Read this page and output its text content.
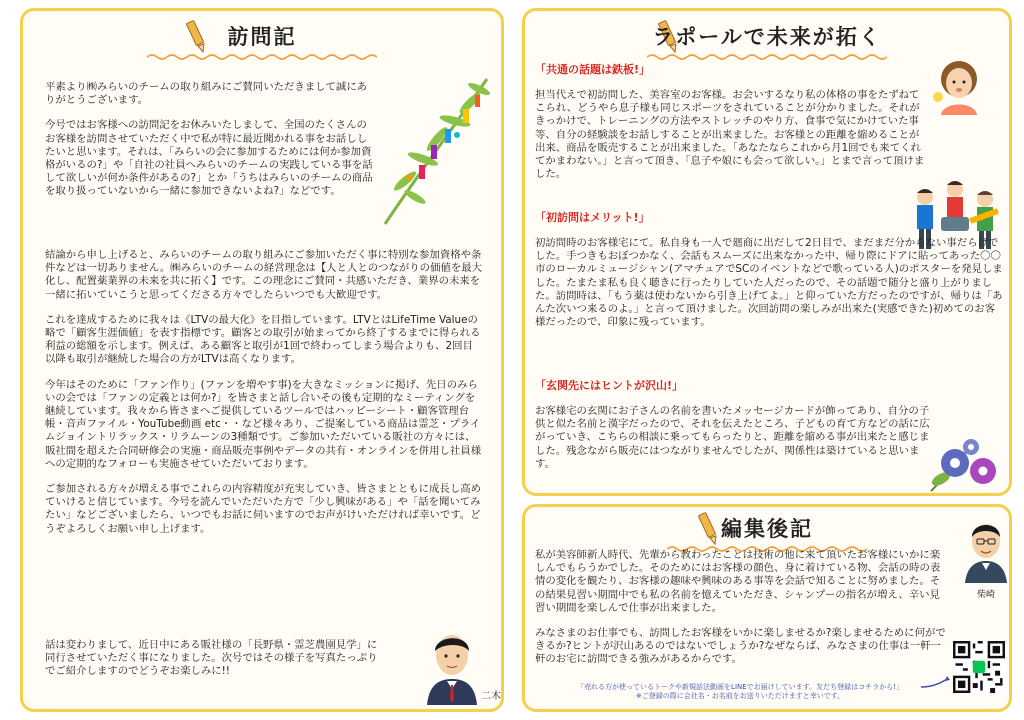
訪問記

平素より㈱みらいのチームの取り組みにご賛同いただきまして誠にありがとうございます。

今号ではお客様への訪問記をお休みいたしまして、全国のたくさんのお客様を訪問させていただく中で私が特に最近聞かれる事をお話ししたいと思います。それは、「みらいの会に参加するためには何か参加資格がいるの?」や「自社の社員へみらいのチームの実践している事を話して欲しいが何か条件があるの?」とか「うちはみらいのチームの商品を取り扱っていないから一緒に参加できないよね?」などです。

結論から申し上げると、みらいのチームの取り組みにご参加いただく事に特別な参加資格や条件などは一切ありません。㈱みらいのチームの経営理念は【人と人とのつながりの価値を最大化し、配置薬業界の未来を共に拓く】です。この理念にご賛同・共感いただき、業界の未来を一緒に拓いていこうと思ってくださる方々でしたらいつでも大歓迎です。

これを達成するために我々は《LTVの最大化》を目指しています。LTVとはLifeTime Valueの略で「顧客生涯価値」を表す指標です。顧客との取引が始まってから終了するまでに得られる利益の総額を示します。例えば、ある顧客と取引が1回で終わってしまう場合よりも、2回目以降も取引が継続した場合の方がLTVは高くなります。

今年はそのために「ファン作り」(ファンを増やす事)を大きなミッションに掲げ、先日のみらいの会では「ファンの定義とは何か?」を皆さまと話し合いその後も定期的なミーティングを継続しています。我々から皆さまへご提供しているツールではハッピーシート・顧客管理台帳・音声ファイル・YouTube動画 etc・・など様々あり、ご提案している商品は霊芝・プライムジョイントリラックス・リラムーンの3種類です。ご参加いただいている販社の方々には、販社間を超えた合同研修会の実施・商品販売事例やデータの共有・オンラインを併用し社員様への定期的なフォローも実施させていただいております。

ご参加される方々が増える事でこれらの内容精度が充実していき、皆さまとともに成長し高めていけると信じています。今号を読んでいただいた方で「少し興味がある」や「話を聞いてみたい」などございましたら、いつでもお話に伺いますのでお声がけいただければ幸いです。どうぞよろしくお願い申し上げます。

話は変わりまして、近日中にある販社様の「長野県・霊芝農園見学」に同行させていただく事になりました。次号ではその様子を写真たっぷりでご紹介しますのでどうぞお楽しみに!!

二木
ラポールで未来が拓く

「共通の話題は鉄板!」

担当代えで初訪問した、美容室のお客様。お会いするなり私の体格の事をたずねてこられ、どうやら息子様も同じスポーツをされていることが分かりました。それがきっかけで、トレーニングの方法やストレッチのやり方、食事で気にかけていた事等、自分の経験談をお話しすることが出来ました。お客様との距離を縮めることが出来、商品を販売することが出来ました。「あなたならこれから月1回でも来てくれてかまわない。」と言って頂き、「息子や娘にも会って欲しい。」とまで言って頂けました。

「初訪問はメリット!」

初訪問時のお客様宅にて。私自身も一人で廻商に出だして2日目で、まだまだ分からない事だらけでした。手つきもおぼつかなく、会話もスムーズに出来なかった中、帰り際にドアに貼ってあった〇〇市のローカルミュージシャン(アマチュアでSCのイベントなどで歌っている人)のポスターを発見しました。たまたま私も良く聴きに行ったりしていた人だったので、その話題で随分と盛り上がりました。訪問時は、「もう薬は使わないから引き上げてよ。」と仰っていた方だったのですが、帰りは「あんた次いつ来るのよ。」と言って頂けました。次回訪問の楽しみが出来た(実感できた)初めてのお客様だったので、印象に残っています。

「玄関先にはヒントが沢山!」

お客様宅の玄関にお子さんの名前を書いたメッセージカードが飾ってあり、自分の子供と似た名前と漢字だったので、それを伝えたところ、子どもの育て方などの話に広がっていき、こちらの相談に乗ってもらったりと、距離を縮める事が出来たと感じました。残念ながら販売にはつながりませんでしたが、関係性は築けていると思います。

編集後記

私が美容師新人時代、先輩から教わったことは技術の他に来て頂いたお客様にいかに楽しんでもらうかでした。そのためにはお客様の顔色、身に着けている物、会話の時の表情の変化を観たり、お客様の趣味や興味のある事等を会話で知ることに努めました。その結果見習い期間中でも私の名前を憶えていただき、シャンプーの指名が増え、辛い見習い期間を楽しんで仕事が出来ました。

みなさまのお仕事でも、訪問したお客様をいかに楽しませるか?楽しませるために何ができるか?ヒントが沢山あるのではないでしょうか?なぜならば、みなさまの仕事は一軒一軒のお宅に訪問できる強みがあるからです。

柴崎
「売れる方が使っているトークや新規話法動画をLINEでお届けしています。友だち登録はコチラから!」
※ご登録の際に会社名・お名前をお送りいただけますと幸いです。
